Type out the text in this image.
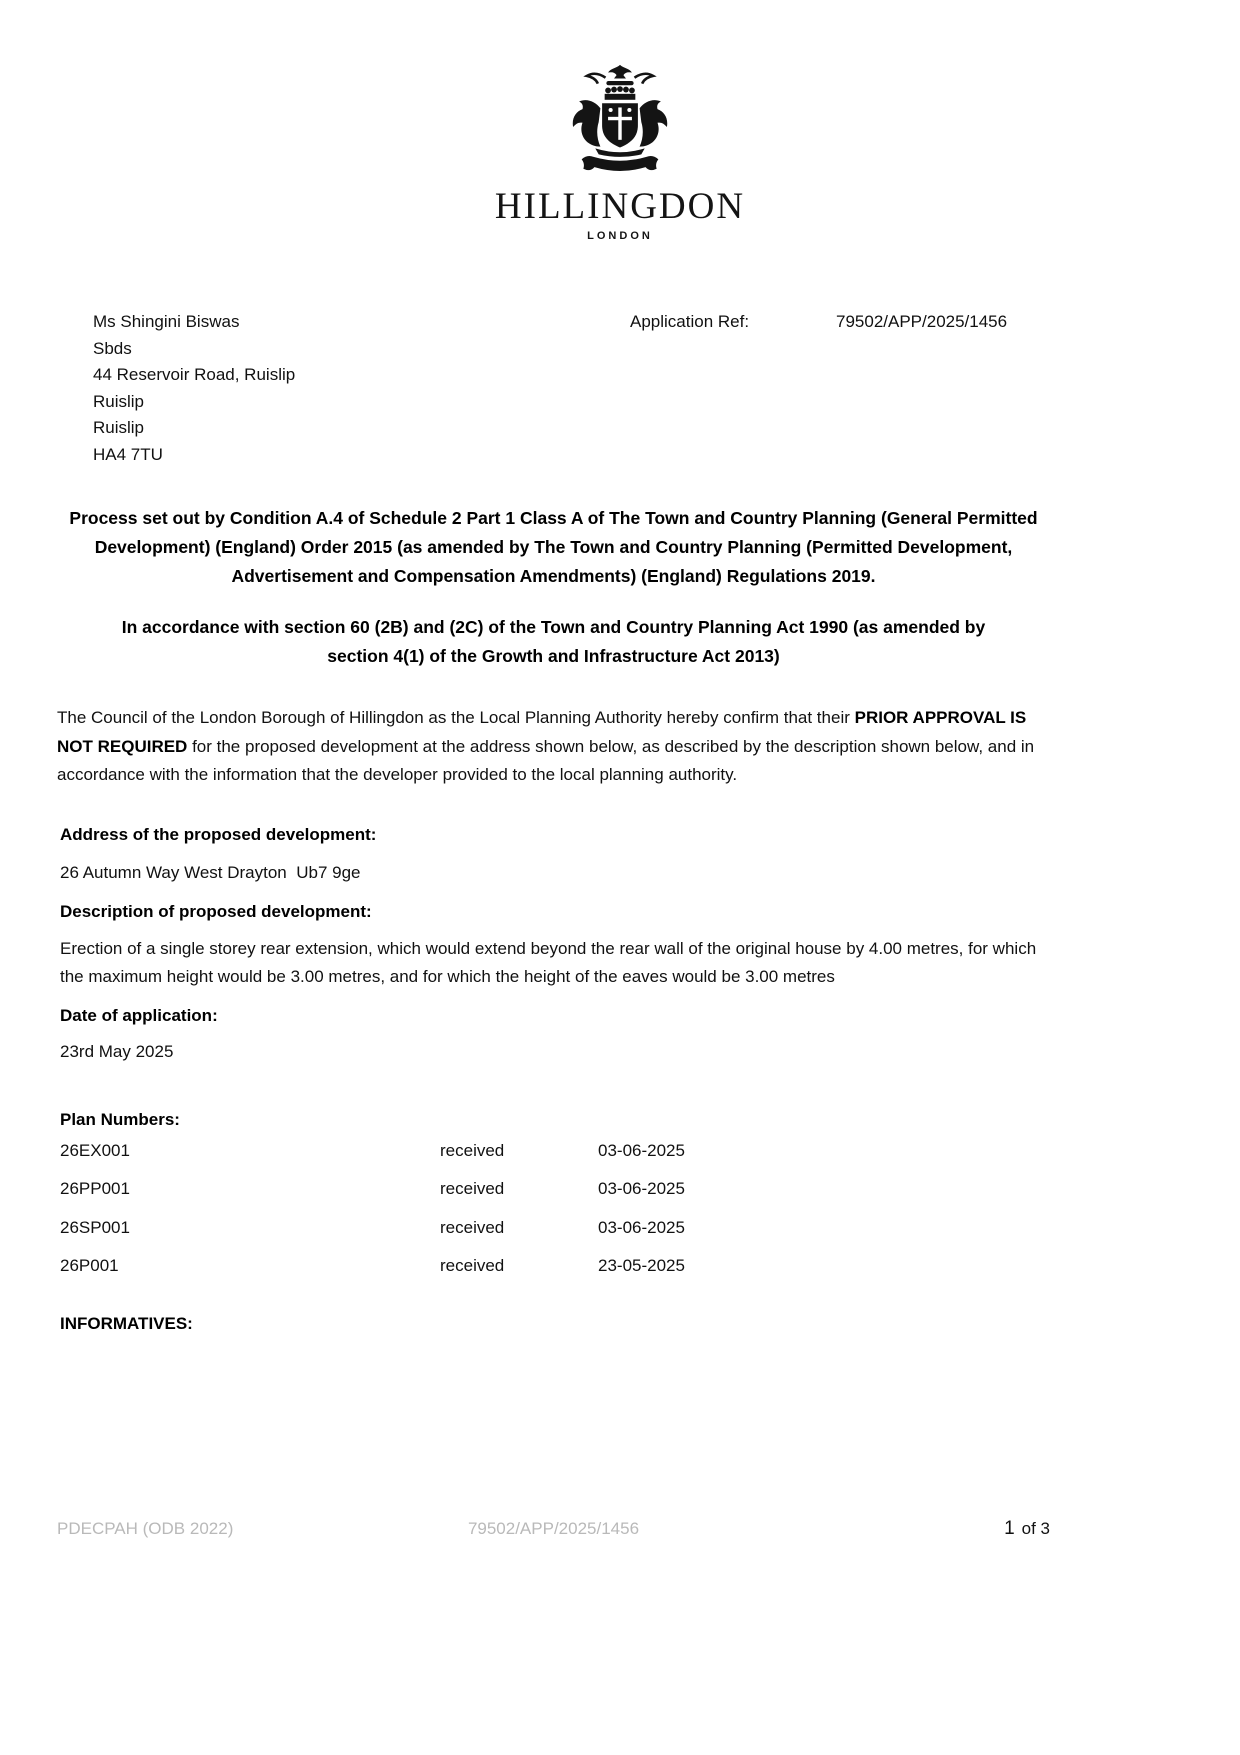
HILLINGDON
LONDON
Ms Shingini Biswas
Sbds
44 Reservoir Road, Ruislip
Ruislip
Ruislip
HA4 7TU
Application Ref:	79502/APP/2025/1456
Process set out by Condition A.4 of Schedule 2 Part 1 Class A of The Town and Country Planning (General Permitted Development) (England) Order 2015 (as amended by The Town and Country Planning (Permitted Development, Advertisement and Compensation Amendments) (England) Regulations 2019.
In accordance with section 60 (2B) and (2C) of the Town and Country Planning Act 1990 (as amended by section 4(1) of the Growth and Infrastructure Act 2013)

The Council of the London Borough of Hillingdon as the Local Planning Authority hereby confirm that their PRIOR APPROVAL IS NOT REQUIRED for the proposed development at the address shown below, as described by the description shown below, and in accordance with the information that the developer provided to the local planning authority.

Address of the proposed development:
26 Autumn Way West Drayton  Ub7 9ge
Description of proposed development:
Erection of a single storey rear extension, which would extend beyond the rear wall of the original house by 4.00 metres, for which the maximum height would be 3.00 metres, and for which the height of the eaves would be 3.00 metres
Date of application:
23rd May 2025
Plan Numbers:
26EX001	received	03-06-2025
26PP001	received	03-06-2025
26SP001	received	03-06-2025
26P001	received	23-05-2025
INFORMATIVES:
PDECPAH (ODB 2022)	79502/APP/2025/1456	1 of 3
